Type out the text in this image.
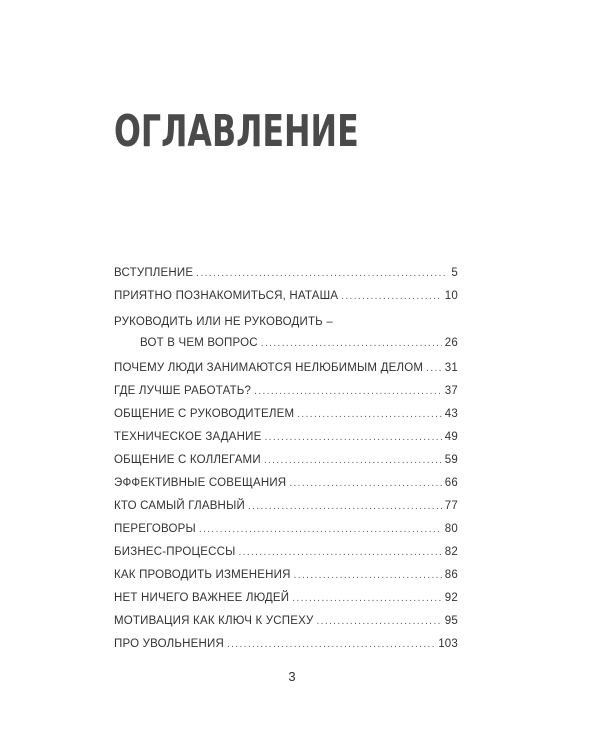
ОГЛАВЛЕНИЕ
ВСТУПЛЕНИЕ .....	5
ПРИЯТНО ПОЗНАКОМИТЬСЯ, НАТАША .....	10
РУКОВОДИТЬ ИЛИ НЕ РУКОВОДИТЬ –
ВОТ В ЧЕМ ВОПРОС .....	26
ПОЧЕМУ ЛЮДИ ЗАНИМАЮТСЯ НЕЛЮБИМЫМ ДЕЛОМ ..... 31
ГДЕ ЛУЧШЕ РАБОТАТЬ? .....	37
ОБЩЕНИЕ С РУКОВОДИТЕЛЕМ .....	43
ТЕХНИЧЕСКОЕ ЗАДАНИЕ .....	49
ОБЩЕНИЕ С КОЛЛЕГАМИ .....	59
ЭФФЕКТИВНЫЕ СОВЕЩАНИЯ .....	66
КТО САМЫЙ ГЛАВНЫЙ .....	77
ПЕРЕГОВОРЫ .....	80
БИЗНЕС-ПРОЦЕССЫ .....	82
КАК ПРОВОДИТЬ ИЗМЕНЕНИЯ .....	86
НЕТ НИЧЕГО ВАЖНЕЕ ЛЮДЕЙ .....	92
МОТИВАЦИЯ КАК КЛЮЧ К УСПЕХУ .....	95
ПРО УВОЛЬНЕНИЯ .....	103
3
